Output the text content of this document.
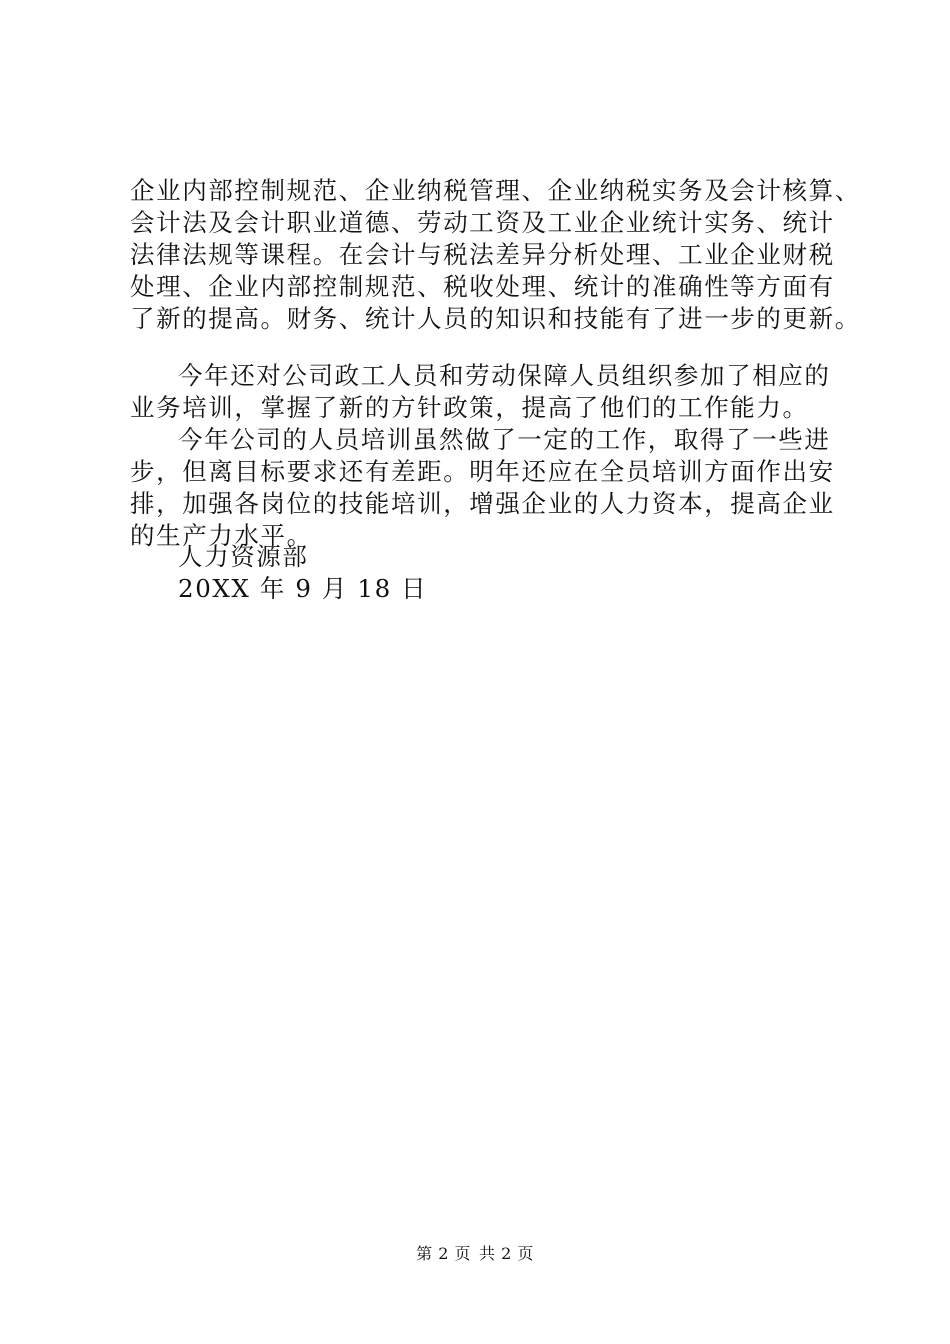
企业内部控制规范、企业纳税管理、企业纳税实务及会计核算、
会计法及会计职业道德、劳动工资及工业企业统计实务、统计
法律法规等课程。在会计与税法差异分析处理、工业企业财税
处理、企业内部控制规范、税收处理、统计的准确性等方面有
了新的提高。财务、统计人员的知识和技能有了进一步的更新。
今年还对公司政工人员和劳动保障人员组织参加了相应的
业务培训，掌握了新的方针政策，提高了他们的工作能力。
今年公司的人员培训虽然做了一定的工作，取得了一些进
步，但离目标要求还有差距。明年还应在全员培训方面作出安
排，加强各岗位的技能培训，增强企业的人力资本，提高企业
的生产力水平。
人力资源部
20XX 年 9 月 18 日
第 2 页 共 2 页
